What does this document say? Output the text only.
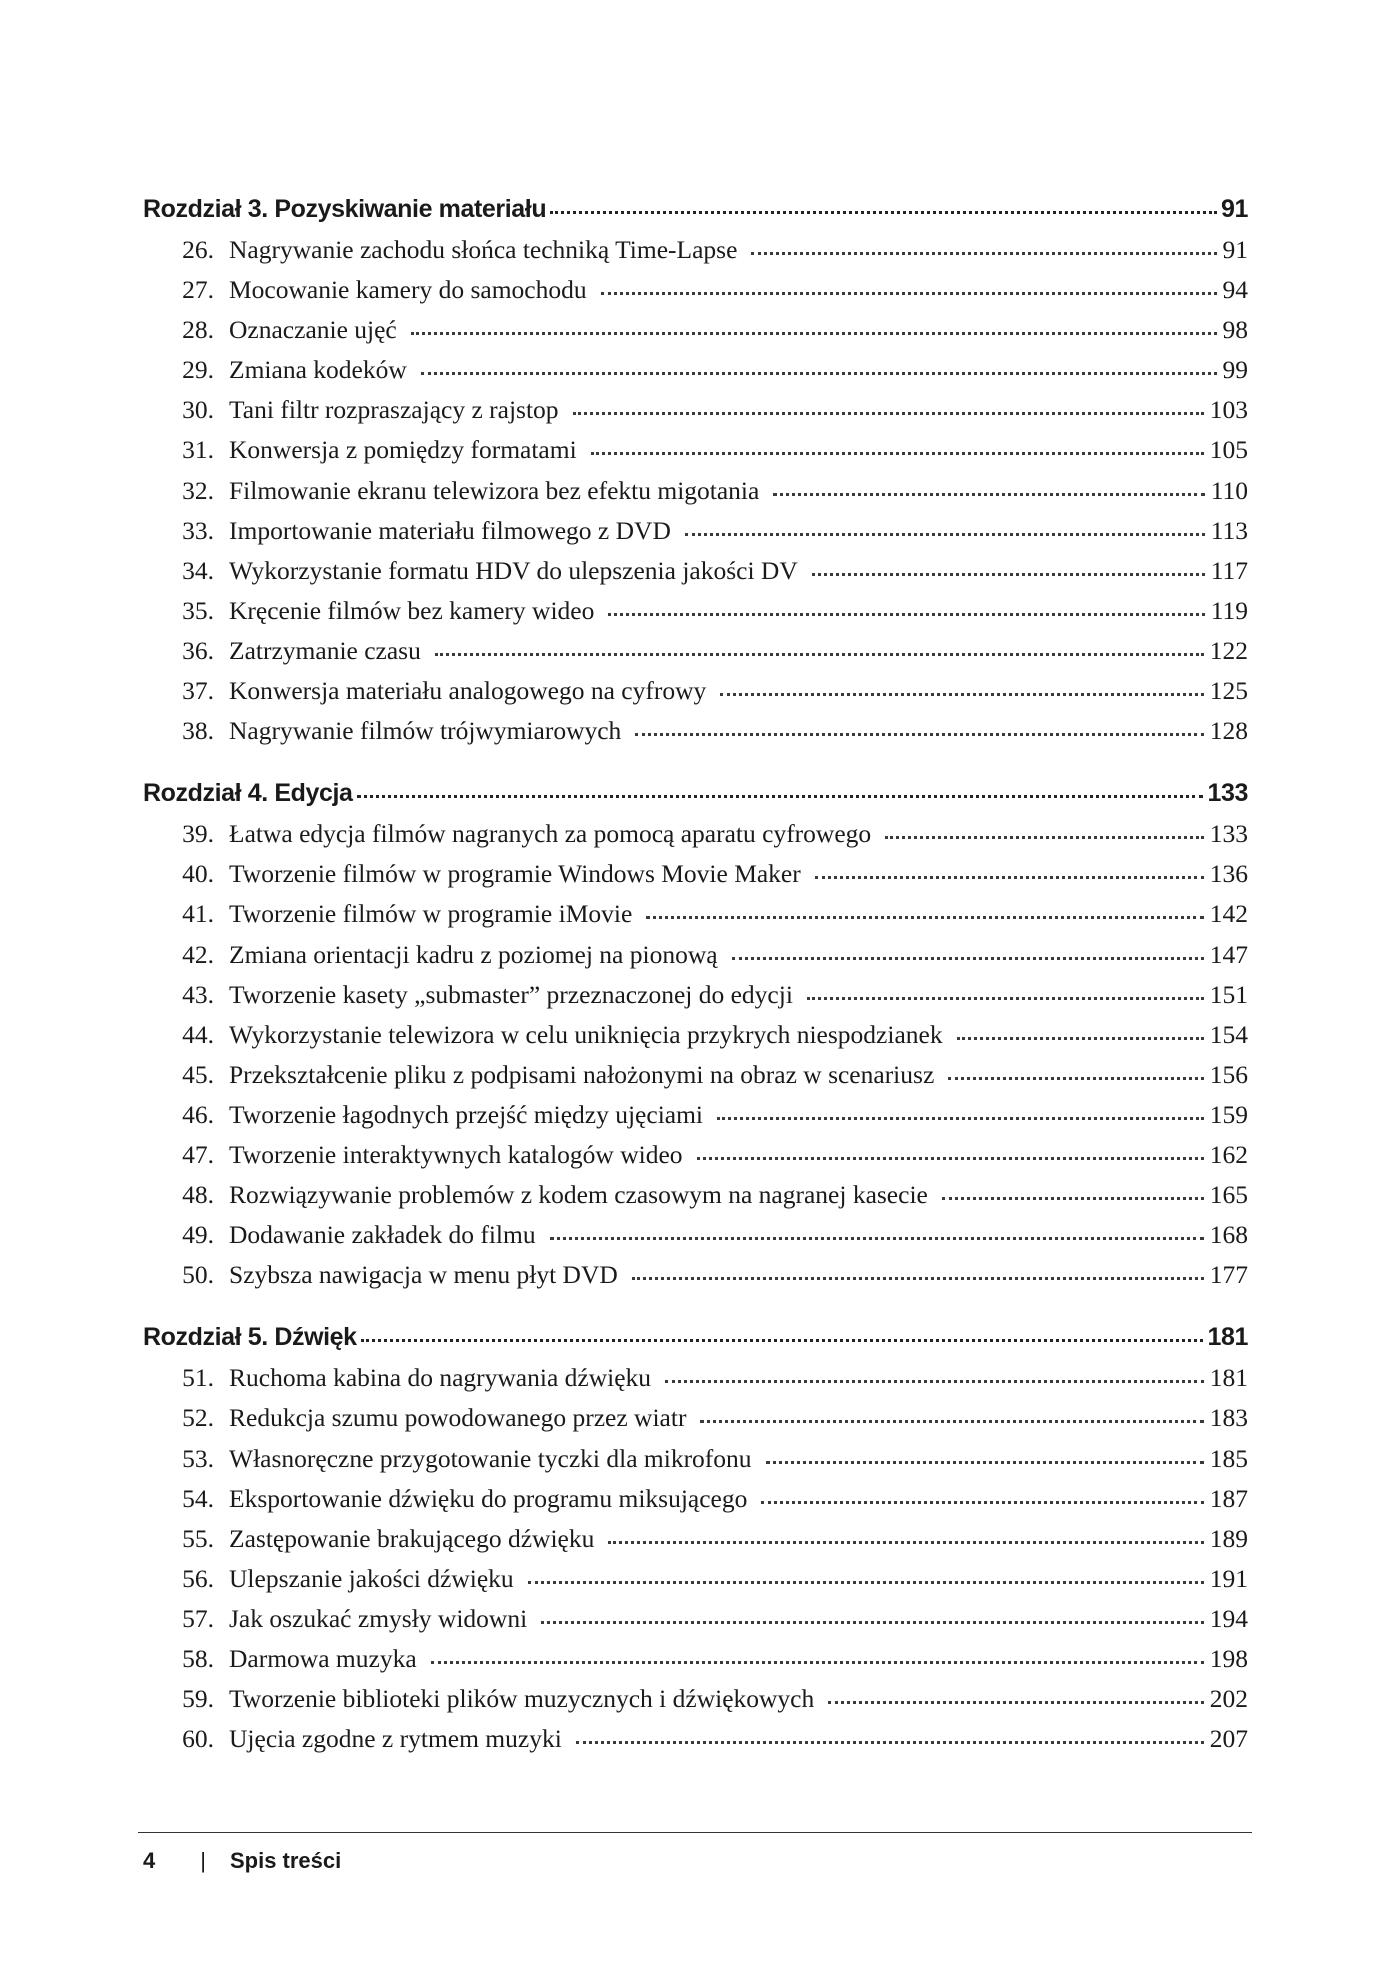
Rozdział 3. Pozyskiwanie materiału	91
26. Nagrywanie zachodu słońca techniką Time-Lapse	91
27. Mocowanie kamery do samochodu	94
28. Oznaczanie ujęć	98
29. Zmiana kodeków	99
30. Tani filtr rozpraszający z rajstop	103
31. Konwersja z pomiędzy formatami	105
32. Filmowanie ekranu telewizora bez efektu migotania	110
33. Importowanie materiału filmowego z DVD	113
34. Wykorzystanie formatu HDV do ulepszenia jakości DV	117
35. Kręcenie filmów bez kamery wideo	119
36. Zatrzymanie czasu	122
37. Konwersja materiału analogowego na cyfrowy	125
38. Nagrywanie filmów trójwymiarowych	128
Rozdział 4. Edycja	133
39. Łatwa edycja filmów nagranych za pomocą aparatu cyfrowego	133
40. Tworzenie filmów w programie Windows Movie Maker	136
41. Tworzenie filmów w programie iMovie	142
42. Zmiana orientacji kadru z poziomej na pionową	147
43. Tworzenie kasety „submaster” przeznaczonej do edycji	151
44. Wykorzystanie telewizora w celu uniknięcia przykrych niespodzianek	154
45. Przekształcenie pliku z podpisami nałożonymi na obraz w scenariusz	156
46. Tworzenie łagodnych przejść między ujęciami	159
47. Tworzenie interaktywnych katalogów wideo	162
48. Rozwiązywanie problemów z kodem czasowym na nagranej kasecie	165
49. Dodawanie zakładek do filmu	168
50. Szybsza nawigacja w menu płyt DVD	177
Rozdział 5. Dźwięk	181
51. Ruchoma kabina do nagrywania dźwięku	181
52. Redukcja szumu powodowanego przez wiatr	183
53. Własnoręczne przygotowanie tyczki dla mikrofonu	185
54. Eksportowanie dźwięku do programu miksującego	187
55. Zastępowanie brakującego dźwięku	189
56. Ulepszanie jakości dźwięku	191
57. Jak oszukać zmysły widowni	194
58. Darmowa muzyka	198
59. Tworzenie biblioteki plików muzycznych i dźwiękowych	202
60. Ujęcia zgodne z rytmem muzyki	207
4 | Spis treści
